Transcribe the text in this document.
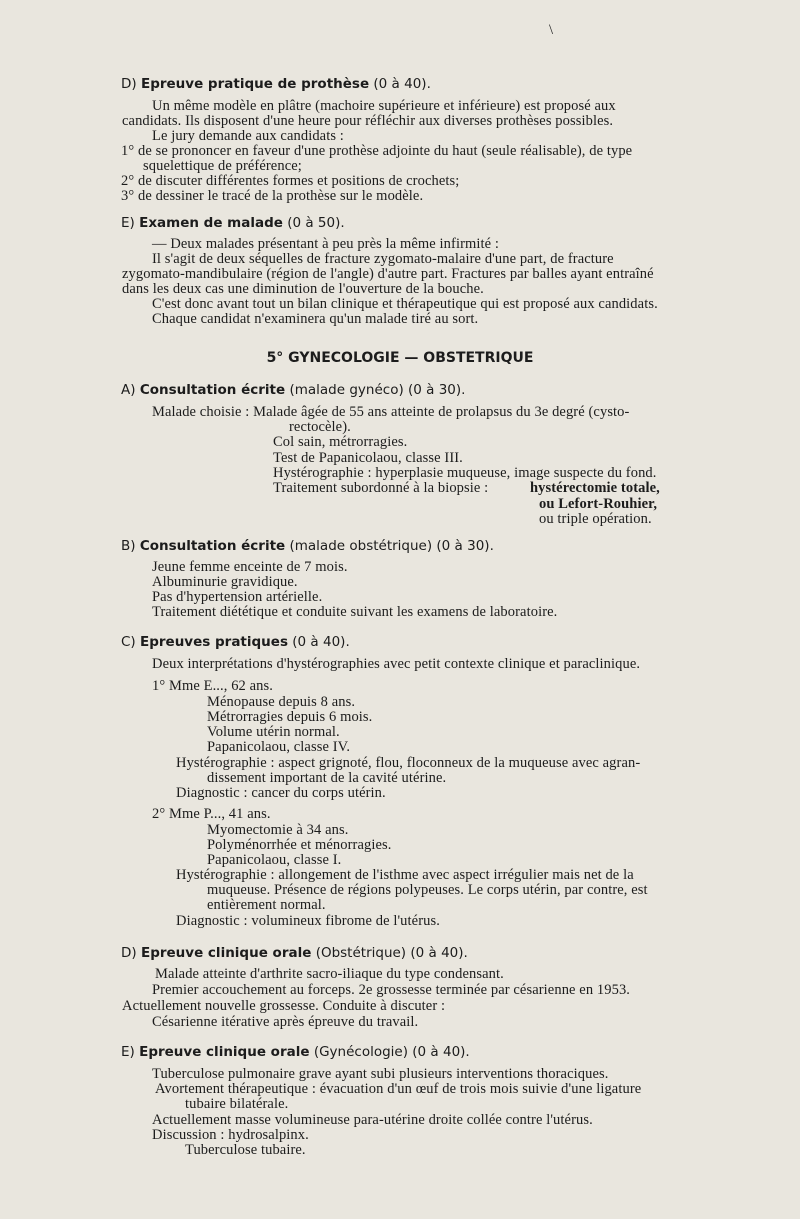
\
D) Epreuve pratique de prothèse (0 à 40).
Un même modèle en plâtre (machoire supérieure et inférieure) est proposé aux
candidats. Ils disposent d'une heure pour réfléchir aux diverses prothèses possibles.
Le jury demande aux candidats :
1° de se prononcer en faveur d'une prothèse adjointe du haut (seule réalisable), de type
squelettique de préférence;
2° de discuter différentes formes et positions de crochets;
3° de dessiner le tracé de la prothèse sur le modèle.
E) Examen de malade (0 à 50).
— Deux malades présentant à peu près la même infirmité :
Il s'agit de deux séquelles de fracture zygomato-malaire d'une part, de fracture
zygomato-mandibulaire (région de l'angle) d'autre part. Fractures par balles ayant entraîné
dans les deux cas une diminution de l'ouverture de la bouche.
C'est donc avant tout un bilan clinique et thérapeutique qui est proposé aux candidats.
Chaque candidat n'examinera qu'un malade tiré au sort.
5° GYNECOLOGIE — OBSTETRIQUE
A) Consultation écrite (malade gynéco) (0 à 30).
Malade choisie : Malade âgée de 55 ans atteinte de prolapsus du 3e degré (cysto-
rectocèle).
Col sain, métrorragies.
Test de Papanicolaou, classe III.
Hystérographie : hyperplasie muqueuse, image suspecte du fond.
Traitement subordonné à la biopsie :	hystérectomie totale,
ou Lefort-Rouhier,
ou triple opération.
B) Consultation écrite (malade obstétrique) (0 à 30).
Jeune femme enceinte de 7 mois.
Albuminurie gravidique.
Pas d'hypertension artérielle.
Traitement diététique et conduite suivant les examens de laboratoire.
C) Epreuves pratiques (0 à 40).
Deux interprétations d'hystérographies avec petit contexte clinique et paraclinique.
1° Mme E..., 62 ans.
Ménopause depuis 8 ans.
Métrorragies depuis 6 mois.
Volume utérin normal.
Papanicolaou, classe IV.
Hystérographie : aspect grignoté, flou, floconneux de la muqueuse avec agran-
dissement important de la cavité utérine.
Diagnostic : cancer du corps utérin.
2° Mme P..., 41 ans.
Myomectomie à 34 ans.
Polyménorrhée et ménorragies.
Papanicolaou, classe I.
Hystérographie : allongement de l'isthme avec aspect irrégulier mais net de la
muqueuse. Présence de régions polypeuses. Le corps utérin, par contre, est
entièrement normal.
Diagnostic : volumineux fibrome de l'utérus.
D) Epreuve clinique orale (Obstétrique) (0 à 40).
Malade atteinte d'arthrite sacro-iliaque du type condensant.
Premier accouchement au forceps. 2e grossesse terminée par césarienne en 1953.
Actuellement nouvelle grossesse. Conduite à discuter :
Césarienne itérative après épreuve du travail.
E) Epreuve clinique orale (Gynécologie) (0 à 40).
Tuberculose pulmonaire grave ayant subi plusieurs interventions thoraciques.
Avortement thérapeutique : évacuation d'un œuf de trois mois suivie d'une ligature
tubaire bilatérale.
Actuellement masse volumineuse para-utérine droite collée contre l'utérus.
Discussion : hydrosalpinx.
Tuberculose tubaire.
